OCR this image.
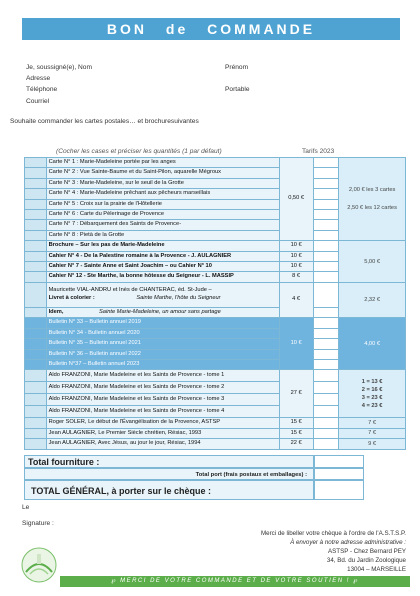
BON de COMMANDE
Je, soussigné(e), Nom	Prénom
Adresse
Téléphone	Portable
Courriel
Souhaite commander les cartes postales… et brochuresuivantes
(Cocher les cases et préciser les quantités (1 par défaut)	Tarifs 2023
	Carte N° 1 : Marie-Madeleine portée par les anges	0,50 €		2,00 € les 3 cartes
2,50 € les 12 cartes

	Carte N° 2 : Vue Sainte-Baume et du Saint-Pilon, aquarelle Mégroux			
	Carte N° 3 : Marie-Madeleine, sur le seuil de la Grotte			
	Carte N° 4 : Marie-Madeleine prêchant aux pêcheurs marseillais			
	Carte N° 5 : Croix sur la prairie de l'Hôtellerie			
	Carte N° 6 : Carte du Pèlerinage de Provence			
	Carte N° 7 : Débarquement des Saints de Provence-			
	Carte N° 8 : Pietà de la Grotte			
	Brochure – Sur les pas de Marie-Madeleine	10 €		5,00 €
	Cahier N° 4 - De la Palestine romaine à la Provence - J. AULAGNIER	10 €		
	Cahier N° 7 - Sainte Anne et Saint Joachim – ou Cahier N° 10	10 €		
	Cahier N° 12 - Ste Marthe, la bonne hôtesse du Seigneur - L. MASSIP	8 €		

	Mauricette VIAL-ANDRU et Inès de CHANTERAC, éd. St-Jude –
Livret à colorier : Sainte Marthe, l'hôte du Seigneur	4 €		2,32 €
	Idem, Sainte Marie-Madeleine, un amour sans partage			
	Bulletin N° 33 – Bulletin annuel 2019	10 €		4,00 €
	Bulletin N° 34 - Bulletin annuel 2020			
	Bulletin N° 35 – Bulletin annuel 2021			
	Bulletin N° 36 – Bulletin annuel 2022			
	Bulletin N°37 – Bulletin annuel 2023			
	Aldo FRANZONI, Marie Madeleine et les Saints de Provence - tome 1	27 €		1 = 13 €
2 = 16 €
3 = 23 €
4 = 23 €

	Aldo FRANZONI, Marie Madeleine et les Saints de Provence - tome 2			
	Aldo FRANZONI, Marie Madeleine et les Saints de Provence - tome 3			
	Aldo FRANZONI, Marie Madeleine et les Saints de Provence - tome 4			
	Roger SOLER, Le début de l'Évangélisation de la Provence, ASTSP	15 €		7 €
	Jean AULAGNIER, Le Premier Siècle chrétien, Résiac, 1993	15 €		7 €
	Jean AULAGNIER, Avec Jésus, au jour le jour, Résiac, 1994	22 €		9 €
Total fourniture :
Total port (frais postaux et emballages) :
TOTAL GÉNÉRAL, à porter sur le chèque :
Le
Signature :
Merci de libeller votre chèque à l'ordre de l'A.S.T.S.P.
À envoyer à notre adresse administrative :
ASTSP - Chez Bernard PEY
34, Bd. du Jardin Zoologique
13004 – MARSEILLE
℘ MERCI DE VOTRE COMMANDE ET DE VOTRE SOUTIEN ! ℘
